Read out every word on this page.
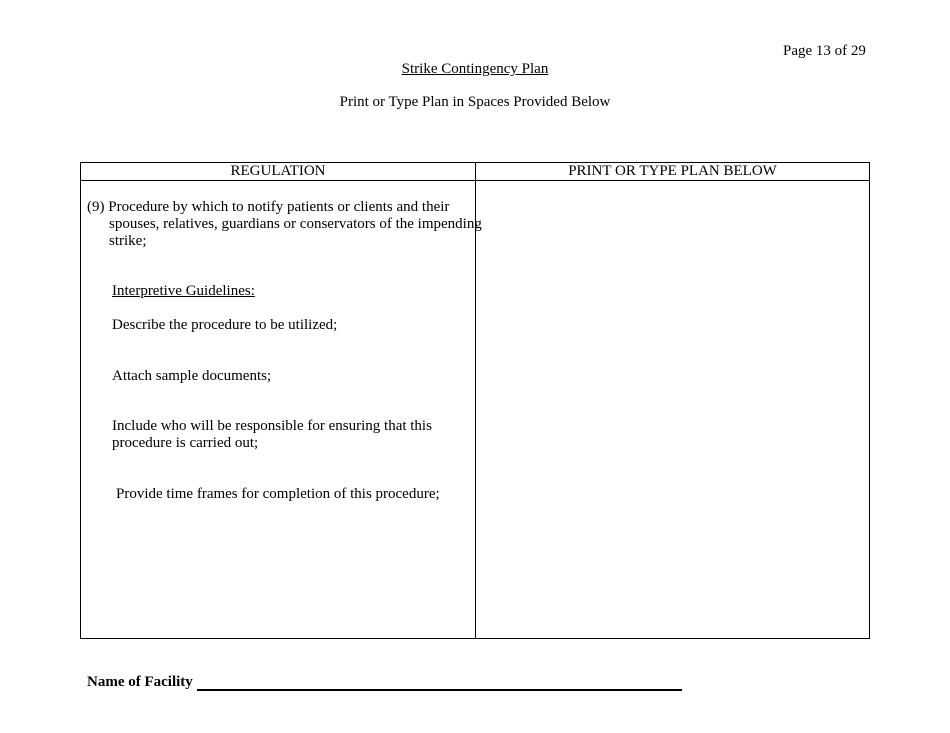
Page 13 of 29
Strike Contingency Plan
Print or Type Plan in Spaces Provided Below
REGULATION	PRINT OR TYPE PLAN BELOW
(9) Procedure by which to notify patients or clients and their spouses, relatives, guardians or conservators of the impending strike;
Interpretive Guidelines:
Describe the procedure to be utilized;
Attach sample documents;
Include who will be responsible for ensuring that this procedure is carried out;
Provide time frames for completion of this procedure;
Name of Facility
